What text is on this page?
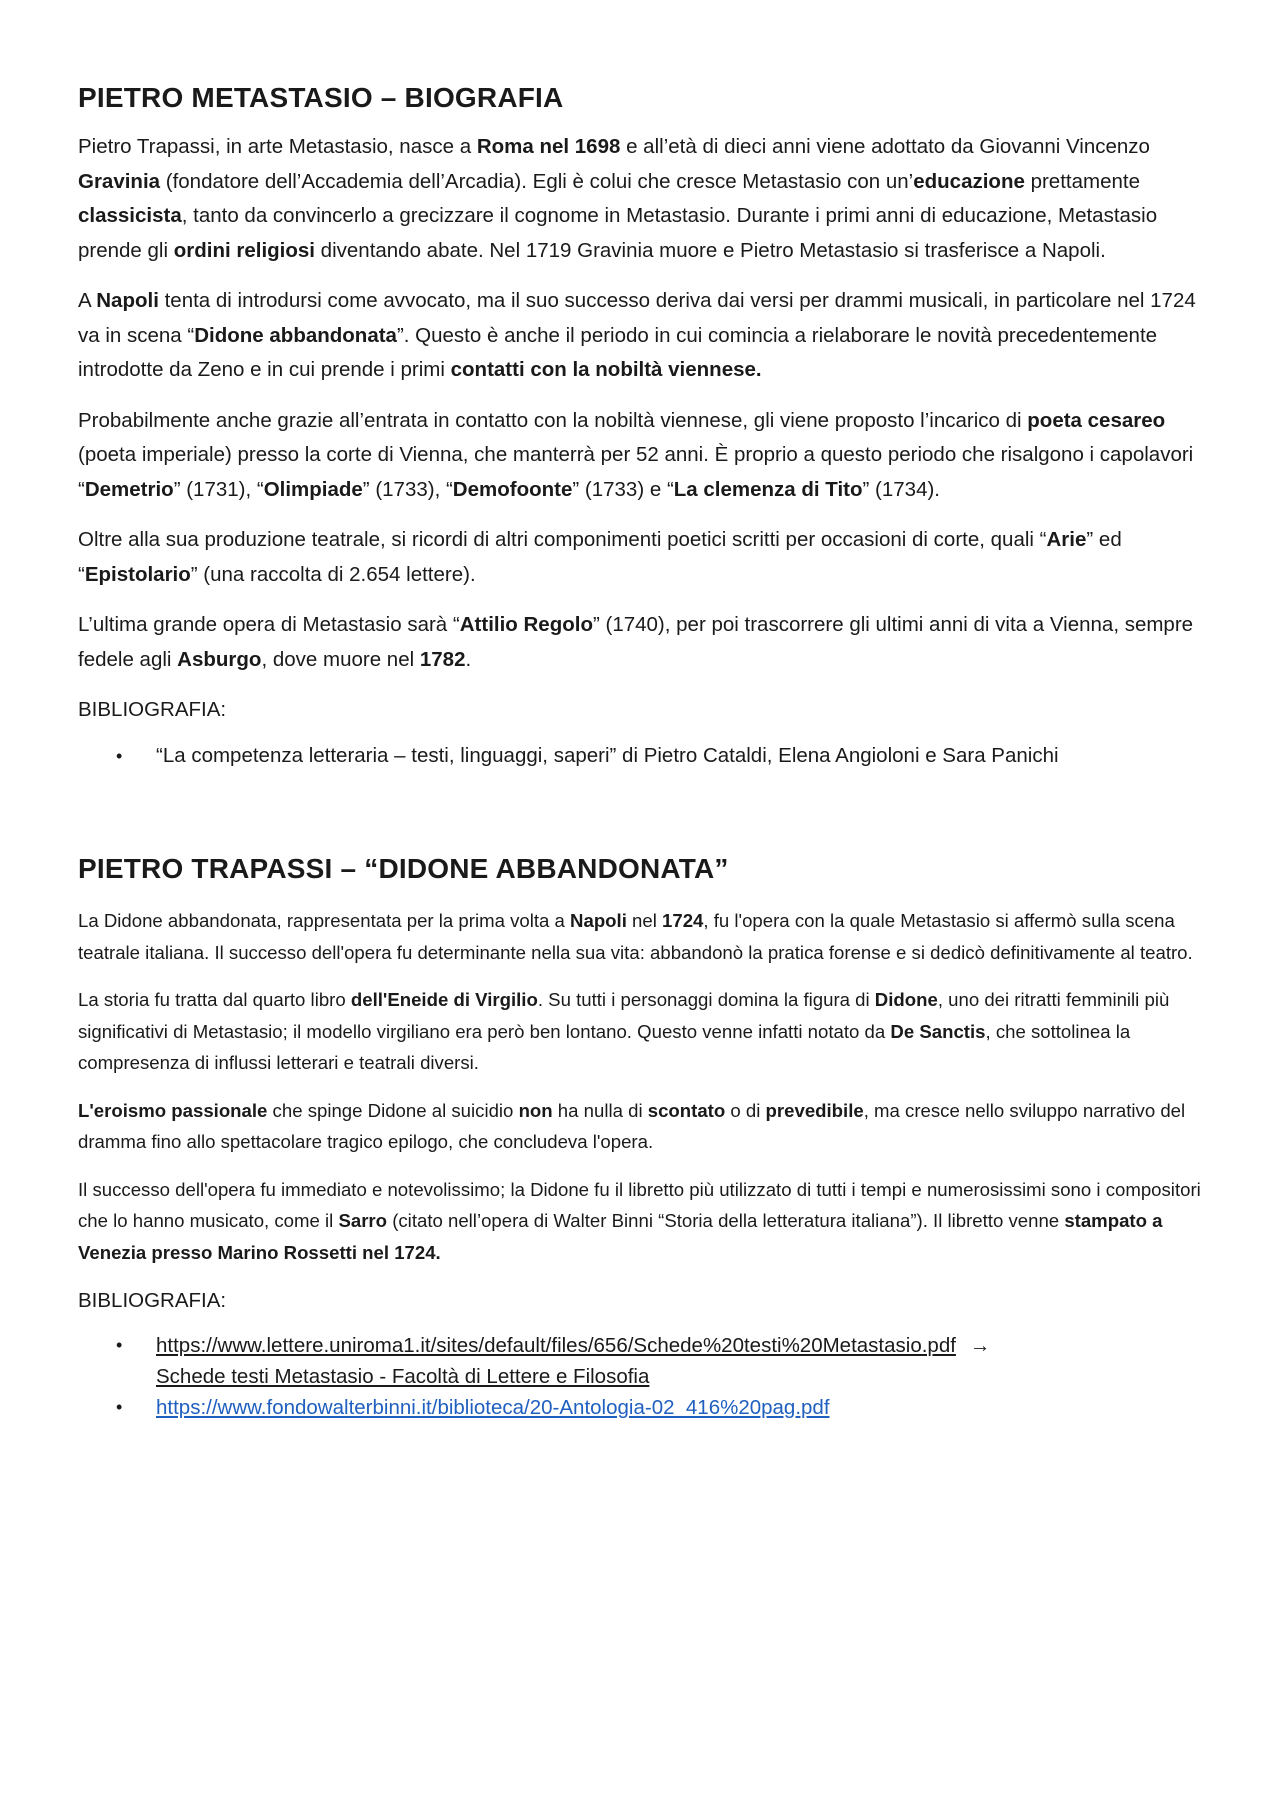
PIETRO METASTASIO – BIOGRAFIA

Pietro Trapassi, in arte Metastasio, nasce a Roma nel 1698 e all’età di dieci anni viene adottato da Giovanni Vincenzo Gravinia (fondatore dell’Accademia dell’Arcadia). Egli è colui che cresce Metastasio con un’educazione prettamente classicista, tanto da convincerlo a grecizzare il cognome in Metastasio. Durante i primi anni di educazione, Metastasio prende gli ordini religiosi diventando abate. Nel 1719 Gravinia muore e Pietro Metastasio si trasferisce a Napoli.

A Napoli tenta di introdursi come avvocato, ma il suo successo deriva dai versi per drammi musicali, in particolare nel 1724 va in scena “Didone abbandonata”. Questo è anche il periodo in cui comincia a rielaborare le novità precedentemente introdotte da Zeno e in cui prende i primi contatti con la nobiltà viennese.

Probabilmente anche grazie all’entrata in contatto con la nobiltà viennese, gli viene proposto l’incarico di poeta cesareo (poeta imperiale) presso la corte di Vienna, che manterrà per 52 anni. È proprio a questo periodo che risalgono i capolavori “Demetrio” (1731), “Olimpiade” (1733), “Demofoonte” (1733) e “La clemenza di Tito” (1734).

Oltre alla sua produzione teatrale, si ricordi di altri componimenti poetici scritti per occasioni di corte, quali “Arie” ed “Epistolario” (una raccolta di 2.654 lettere).

L’ultima grande opera di Metastasio sarà “Attilio Regolo” (1740), per poi trascorrere gli ultimi anni di vita a Vienna, sempre fedele agli Asburgo, dove muore nel 1782.

BIBLIOGRAFIA:
• “La competenza letteraria – testi, linguaggi, saperi” di Pietro Cataldi, Elena Angioloni e Sara Panichi
PIETRO TRAPASSI – “DIDONE ABBANDONATA”

La Didone abbandonata, rappresentata per la prima volta a Napoli nel 1724, fu l'opera con la quale Metastasio si affermò sulla scena teatrale italiana. Il successo dell'opera fu determinante nella sua vita: abbandonò la pratica forense e si dedicò definitivamente al teatro.

La storia fu tratta dal quarto libro dell'Eneide di Virgilio. Su tutti i personaggi domina la figura di Didone, uno dei ritratti femminili più significativi di Metastasio; il modello virgiliano era però ben lontano. Questo venne infatti notato da De Sanctis, che sottolinea la compresenza di influssi letterari e teatrali diversi.

L'eroismo passionale che spinge Didone al suicidio non ha nulla di scontato o di prevedibile, ma cresce nello sviluppo narrativo del dramma fino allo spettacolare tragico epilogo, che concludeva l'opera.

Il successo dell'opera fu immediato e notevolissimo; la Didone fu il libretto più utilizzato di tutti i tempi e numerosissimi sono i compositori che lo hanno musicato, come il Sarro (citato nell’opera di Walter Binni “Storia della letteratura italiana”). Il libretto venne stampato a Venezia presso Marino Rossetti nel 1724.

BIBLIOGRAFIA:
• https://www.lettere.uniroma1.it/sites/default/files/656/Schede%20testi%20Metastasio.pdf →
Schede testi Metastasio - Facoltà di Lettere e Filosofia
• https://www.fondowalterbinni.it/biblioteca/20-Antologia-02_416%20pag.pdf
